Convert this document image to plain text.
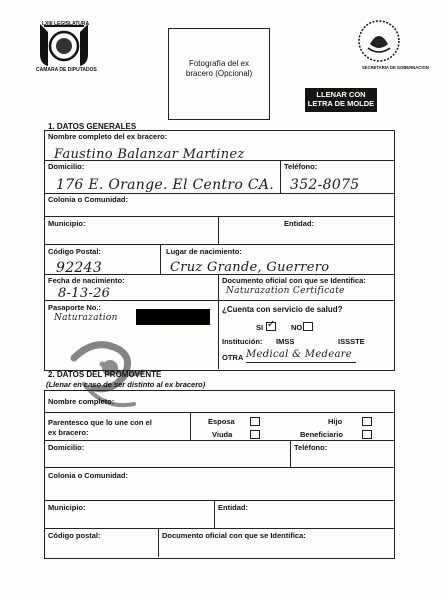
LXIII LEGISLATURA
CAMARA DE DIPUTADOS
Fotografía del ex bracero (Opcional)
SECRETARIA DE GOBERNACION
LLENAR CON LETRA DE MOLDE
1. DATOS GENERALES
Nombre completo del ex bracero:
Faustino Balanzar Martinez
Domicilio:
176 E. Orange. El Centro CA.
Teléfono:
352-8075
Colonia o Comunidad:
Municipio:	Entidad:
Código Postal:
92243
Lugar de nacimiento:
Cruz Grande, Guerrero
Fecha de nacimiento:
8-13-26
Documento oficial con que se Identifica:
Naturazation Certificate
Pasaporte No.:
Naturazation
¿Cuenta con servicio de salud?
SI ✓ NO
Institución: IMSS	ISSSTE
OTRA Medical & Medeare
2. DATOS DEL PROMOVENTE
(Llenar en caso de ser distinto al ex bracero)
Nombre completo:
Parentesco que lo une con el ex bracero:
Esposa
Viuda
Hijo
Beneficiario
Domicilio:	Teléfono:
Colonia o Comunidad:
Municipio:	Entidad:
Código postal:	Documento oficial con que se Identifica:
